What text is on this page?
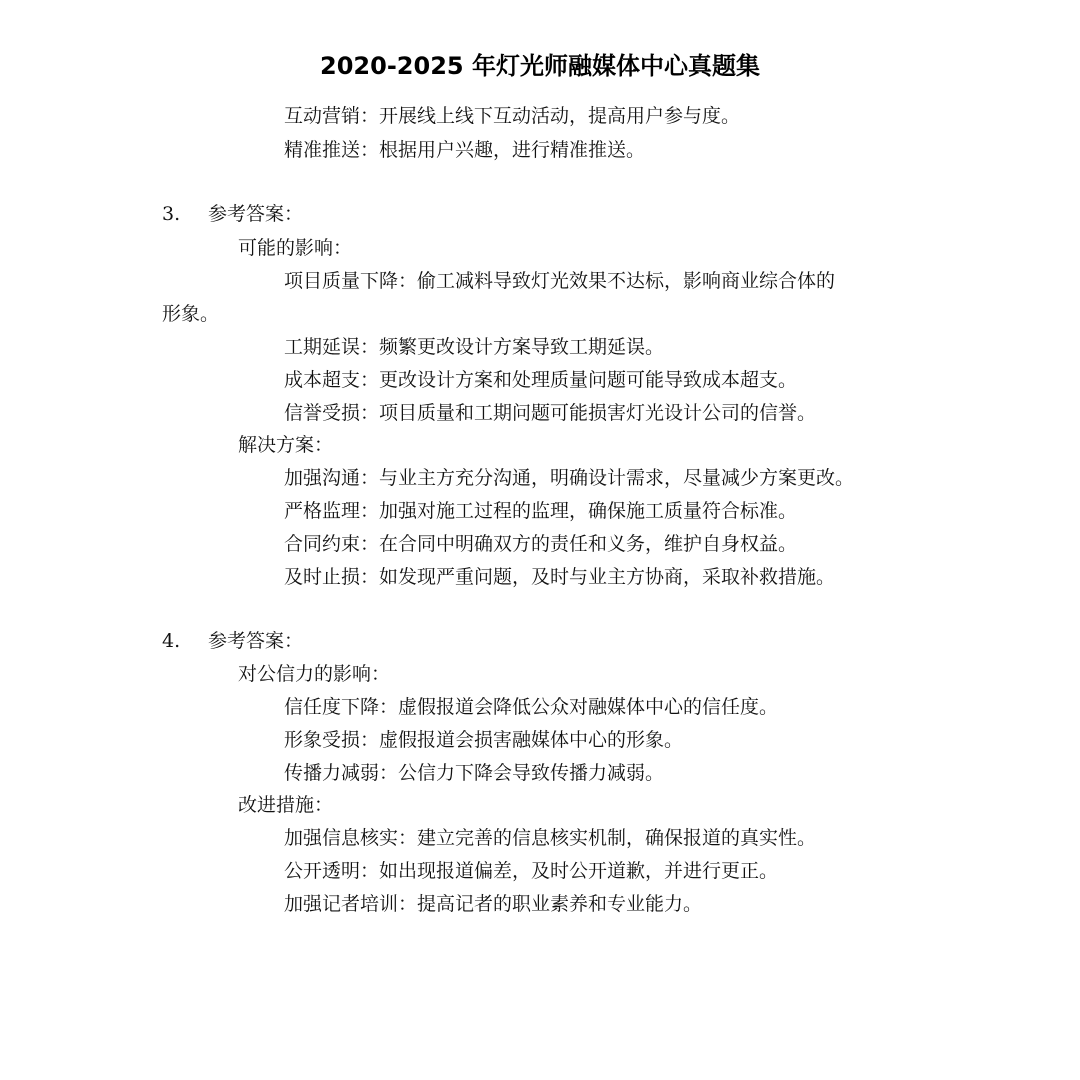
2020-2025 年灯光师融媒体中心真题集
互动营销：开展线上线下互动活动，提高用户参与度。
精准推送：根据用户兴趣，进行精准推送。
3. 参考答案：
可能的影响：
项目质量下降：偷工减料导致灯光效果不达标，影响商业综合体的
形象。
工期延误：频繁更改设计方案导致工期延误。
成本超支：更改设计方案和处理质量问题可能导致成本超支。
信誉受损：项目质量和工期问题可能损害灯光设计公司的信誉。
解决方案：
加强沟通：与业主方充分沟通，明确设计需求，尽量减少方案更改。
严格监理：加强对施工过程的监理，确保施工质量符合标准。
合同约束：在合同中明确双方的责任和义务，维护自身权益。
及时止损：如发现严重问题，及时与业主方协商，采取补救措施。
4. 参考答案：
对公信力的影响：
信任度下降：虚假报道会降低公众对融媒体中心的信任度。
形象受损：虚假报道会损害融媒体中心的形象。
传播力减弱：公信力下降会导致传播力减弱。
改进措施：
加强信息核实：建立完善的信息核实机制，确保报道的真实性。
公开透明：如出现报道偏差，及时公开道歉，并进行更正。
加强记者培训：提高记者的职业素养和专业能力。
